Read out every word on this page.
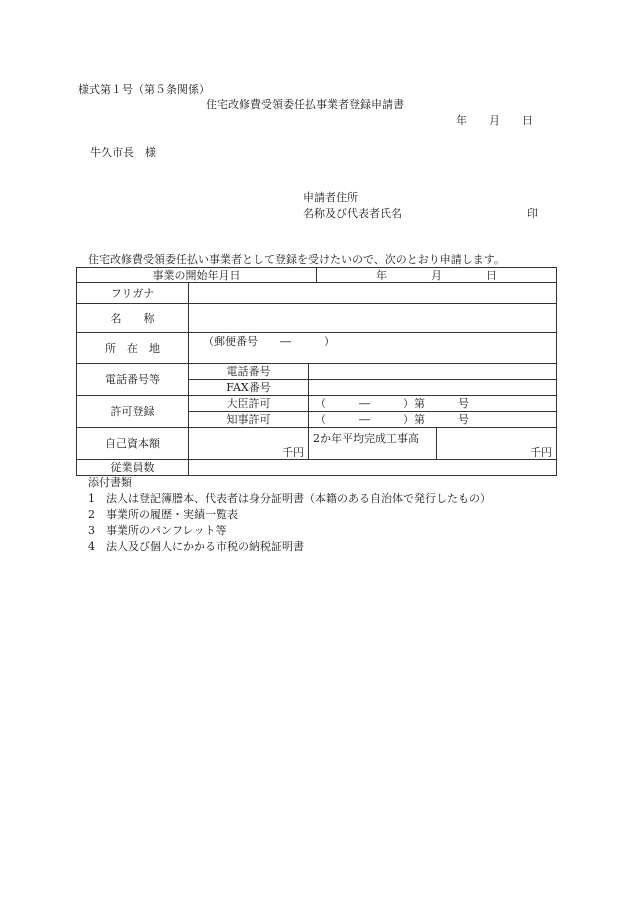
様式第１号（第５条関係）
住宅改修費受領委任払事業者登録申請書
年　　月　　日
牛久市長　様
申請者住所
名称及び代表者氏名	印
住宅改修費受領委任払い事業者として登録を受けたいので、次のとおり申請します。
事業の開始年月日			年　　　　月　　　　日	
フリガナ				
名　　称				
所　在　地	（郵便番号　　―　　　）			
電話番号等	電話番号			
	FAX番号			
許可登録	大臣許可	（　　　―　　　）第　　　号		
	知事許可	（　　　―　　　）第　　　号		
自己資本額	千円	2か年平均完成工事高		千円
従業員数				
添付書類
1　法人は登記簿謄本、代表者は身分証明書（本籍のある自治体で発行したもの）
2　事業所の履歴・実績一覧表
3　事業所のパンフレット等
4　法人及び個人にかかる市税の納税証明書
